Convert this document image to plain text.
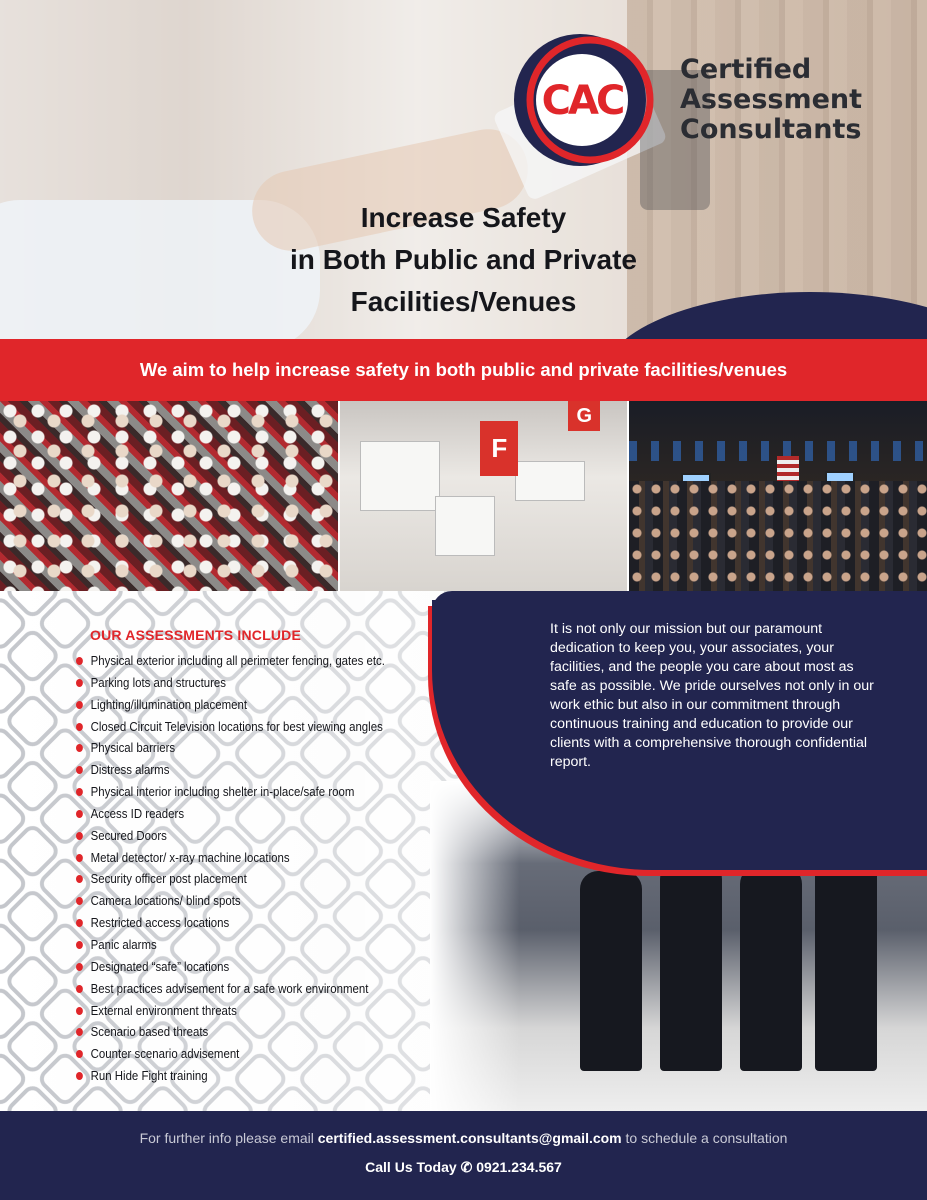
CAC
Certified
Assessment
Consultants
Increase Safety
in Both Public and Private
Facilities/Venues
We aim to help increase safety in both public and private facilities/venues
F
G

It is not only our mission but our paramount dedication to keep you, your associates, your facilities, and the people you care about most as safe as possible. We pride ourselves not only in our work ethic but also in our commitment through continuous training and education to provide our clients with a comprehensive thorough confidential report.

OUR ASSESSMENTS INCLUDE
Physical exterior including all perimeter fencing, gates etc.
Parking lots and structures
Lighting/illumination placement
Closed Circuit Television locations for best viewing angles
Physical barriers
Distress alarms
Physical interior including shelter in-place/safe room
Access ID readers
Secured Doors
Metal detector/ x-ray machine locations
Security officer post placement
Camera locations/ blind spots
Restricted access locations
Panic alarms
Designated “safe” locations
Best practices advisement for a safe work environment
External environment threats
Scenario based threats
Counter scenario advisement
Run Hide Fight training
For further info please email certified.assessment.consultants@gmail.com to schedule a consultation
Call Us Today ✆ 0921.234.567
